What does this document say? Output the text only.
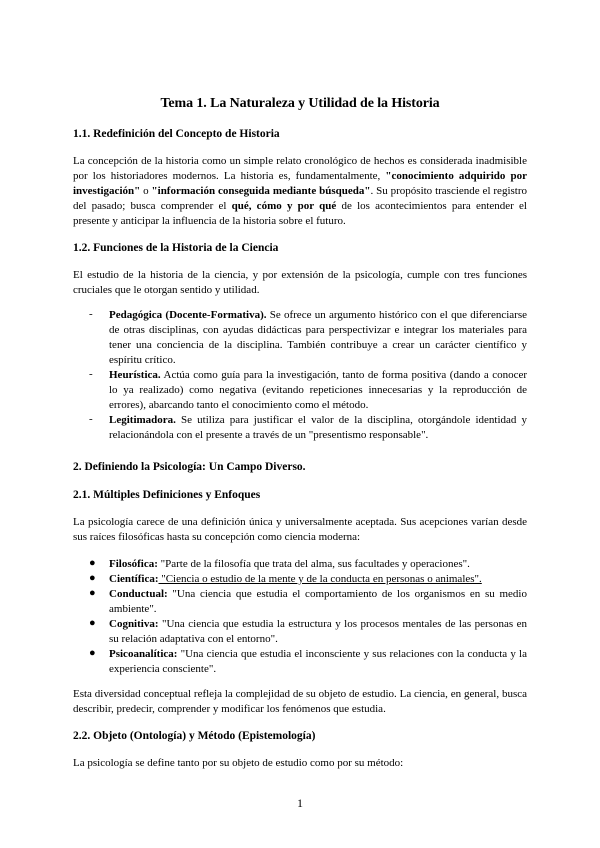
Tema 1. La Naturaleza y Utilidad de la Historia
1.1. Redefinición del Concepto de Historia
La concepción de la historia como un simple relato cronológico de hechos es considerada inadmisible por los historiadores modernos. La historia es, fundamentalmente, "conocimiento adquirido por investigación" o "información conseguida mediante búsqueda". Su propósito trasciende el registro del pasado; busca comprender el qué, cómo y por qué de los acontecimientos para entender el presente y anticipar la influencia de la historia sobre el futuro.
1.2. Funciones de la Historia de la Ciencia
El estudio de la historia de la ciencia, y por extensión de la psicología, cumple con tres funciones cruciales que le otorgan sentido y utilidad.
- Pedagógica (Docente-Formativa). Se ofrece un argumento histórico con el que diferenciarse de otras disciplinas, con ayudas didácticas para perspectivizar e integrar los materiales para tener una conciencia de la disciplina. También contribuye a crear un carácter científico y espíritu crítico.
- Heurística. Actúa como guía para la investigación, tanto de forma positiva (dando a conocer lo ya realizado) como negativa (evitando repeticiones innecesarias y la reproducción de errores), abarcando tanto el conocimiento como el método.
- Legitimadora. Se utiliza para justificar el valor de la disciplina, otorgándole identidad y relacionándola con el presente a través de un "presentismo responsable".
2. Definiendo la Psicología: Un Campo Diverso.
2.1. Múltiples Definiciones y Enfoques
La psicología carece de una definición única y universalmente aceptada. Sus acepciones varían desde sus raíces filosóficas hasta su concepción como ciencia moderna:
● Filosófica: "Parte de la filosofía que trata del alma, sus facultades y operaciones".
● Científica: "Ciencia o estudio de la mente y de la conducta en personas o animales".
● Conductual: "Una ciencia que estudia el comportamiento de los organismos en su medio ambiente".
● Cognitiva: "Una ciencia que estudia la estructura y los procesos mentales de las personas en su relación adaptativa con el entorno".
● Psicoanalítica: "Una ciencia que estudia el inconsciente y sus relaciones con la conducta y la experiencia consciente".
Esta diversidad conceptual refleja la complejidad de su objeto de estudio. La ciencia, en general, busca describir, predecir, comprender y modificar los fenómenos que estudia.
2.2. Objeto (Ontología) y Método (Epistemología)
La psicología se define tanto por su objeto de estudio como por su método:
1
